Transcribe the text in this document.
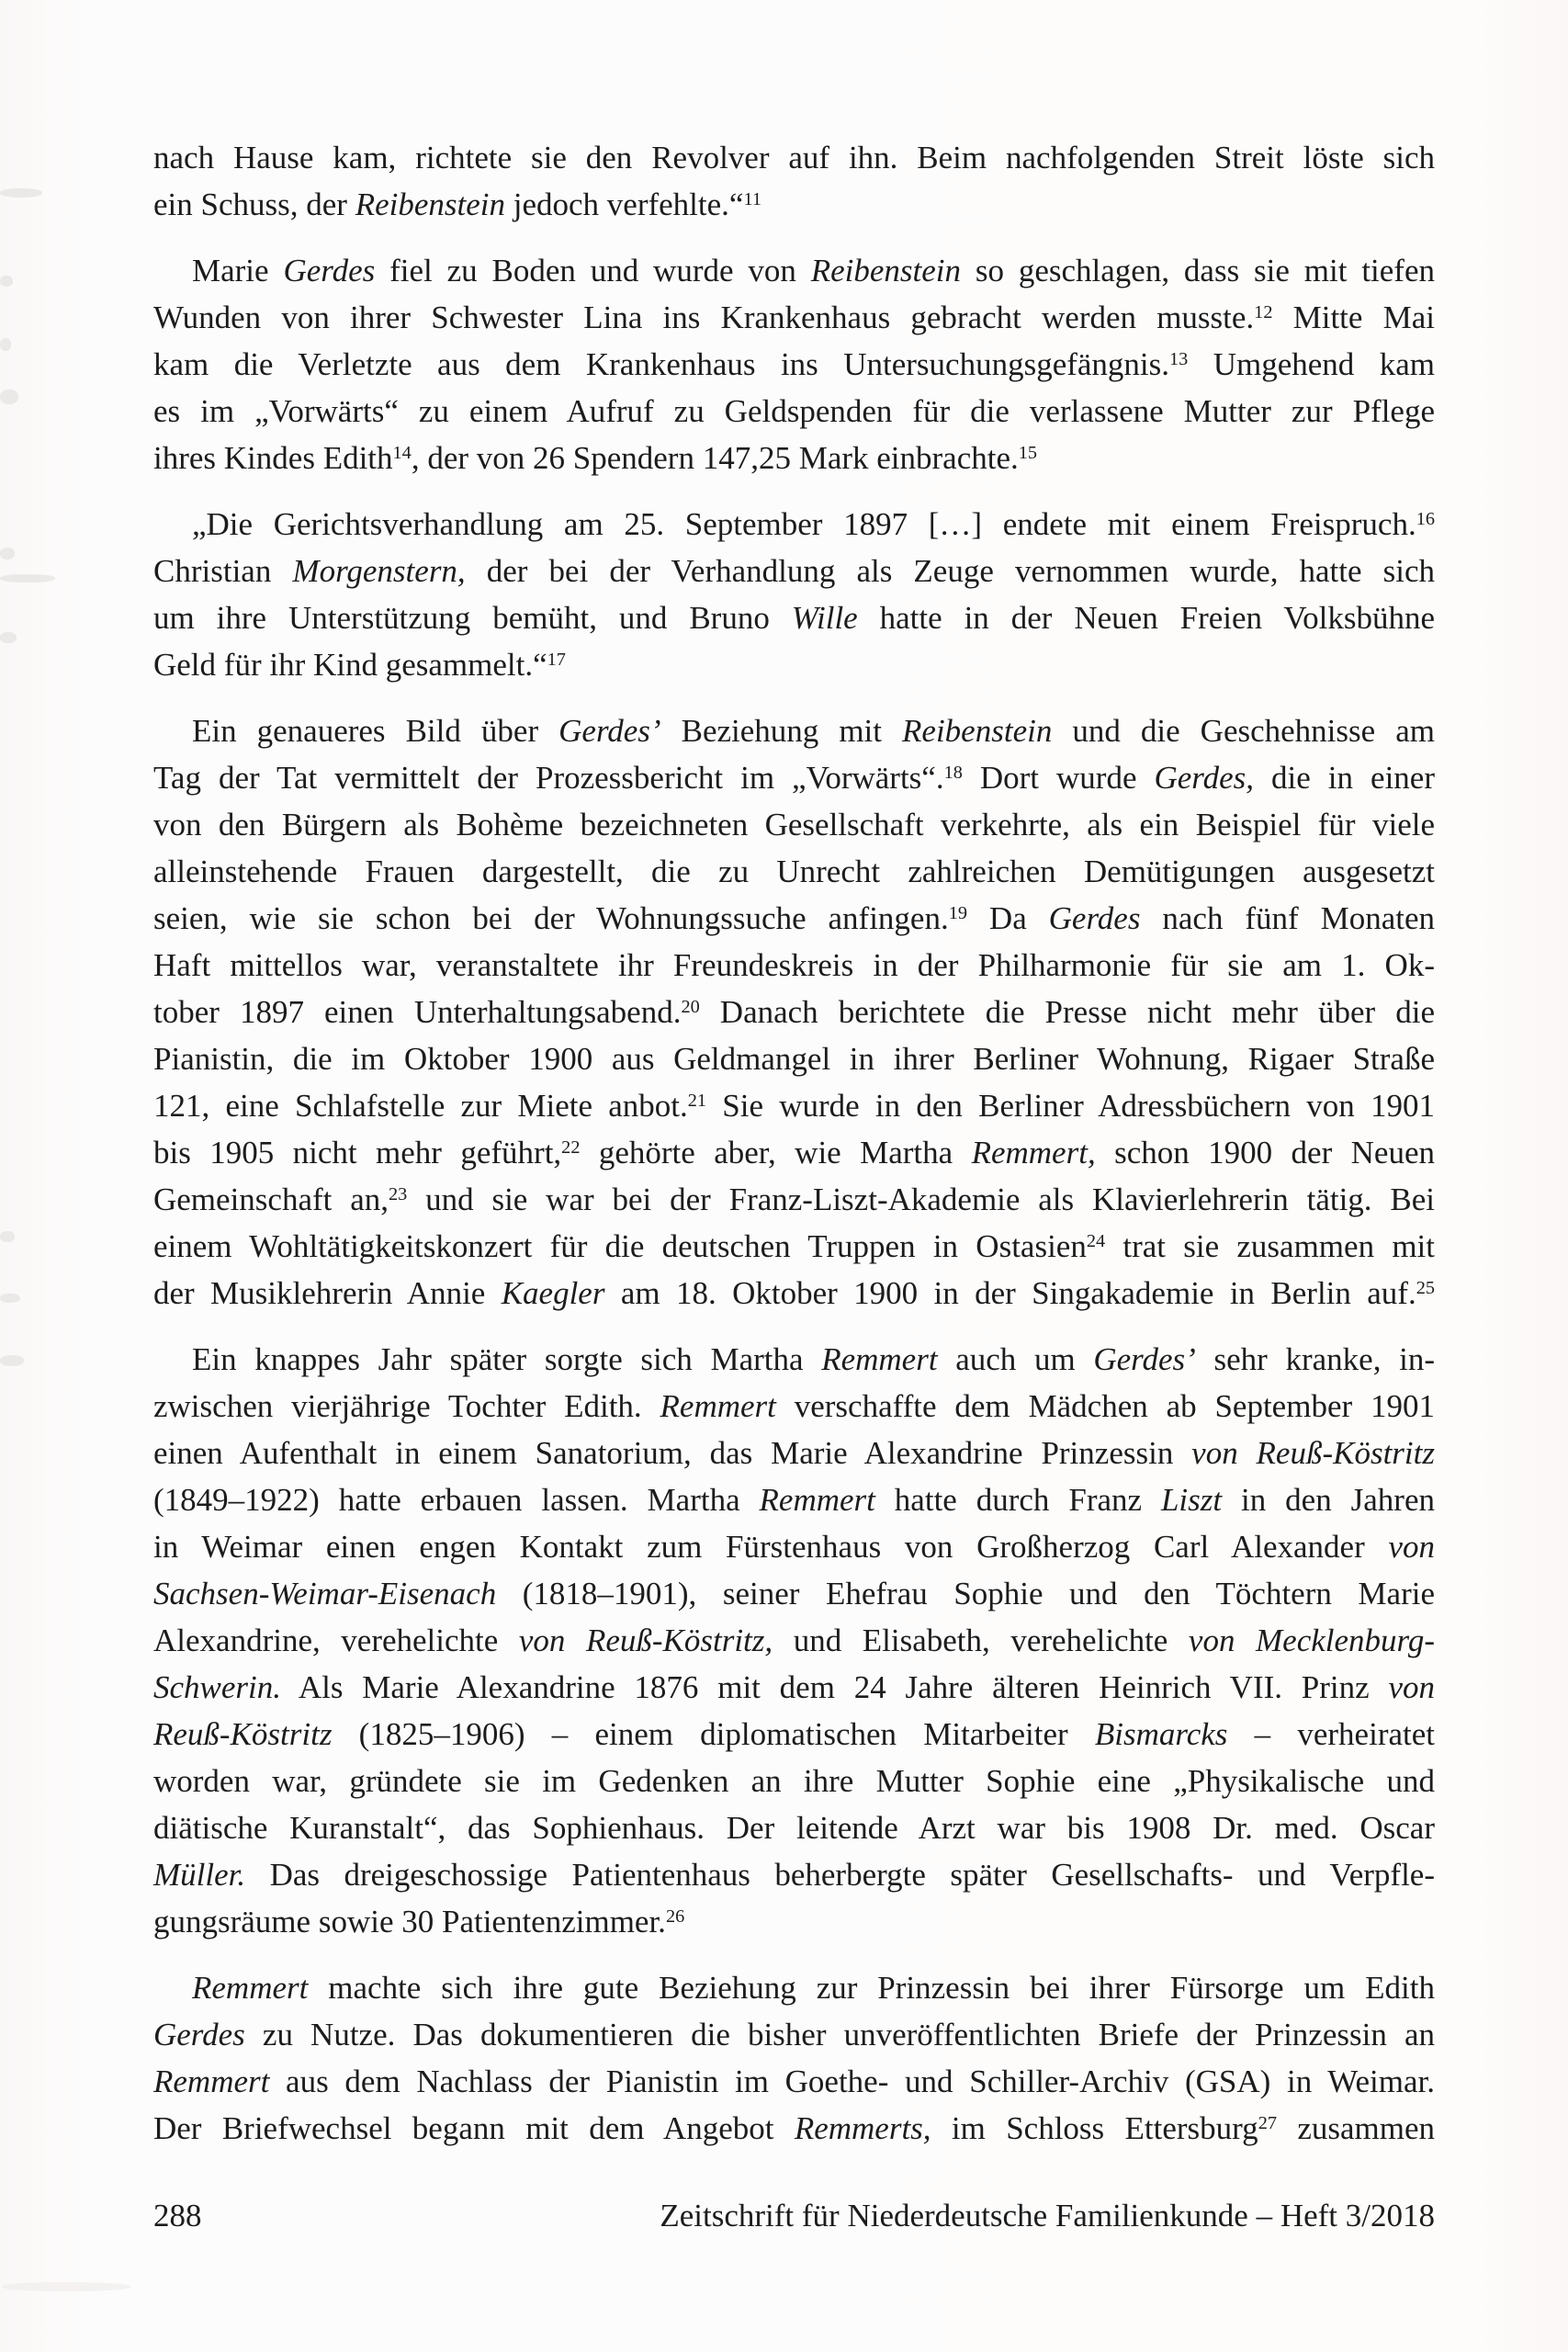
nach Hause kam, richtete sie den Revolver auf ihn. Beim nachfolgenden Streit löste sich
ein Schuss, der Reibenstein jedoch verfehlte.“$^{11}$
Marie Gerdes fiel zu Boden und wurde von Reibenstein so geschlagen, dass sie mit tiefen
Wunden von ihrer Schwester Lina ins Krankenhaus gebracht werden musste.$^{12}$ Mitte Mai
kam die Verletzte aus dem Krankenhaus ins Untersuchungsgefängnis.$^{13}$ Umgehend kam
es im „Vorwärts“ zu einem Aufruf zu Geldspenden für die verlassene Mutter zur Pflege
ihres Kindes Edith$^{14}$, der von 26 Spendern 147,25 Mark einbrachte.$^{15}$
„Die Gerichtsverhandlung am 25. September 1897 […] endete mit einem Freispruch.$^{16}$
Christian Morgenstern, der bei der Verhandlung als Zeuge vernommen wurde, hatte sich
um ihre Unterstützung bemüht, und Bruno Wille hatte in der Neuen Freien Volksbühne
Geld für ihr Kind gesammelt.“$^{17}$
Ein genaueres Bild über Gerdes’ Beziehung mit Reibenstein und die Geschehnisse am
Tag der Tat vermittelt der Prozessbericht im „Vorwärts“.$^{18}$ Dort wurde Gerdes, die in einer
von den Bürgern als Bohème bezeichneten Gesellschaft verkehrte, als ein Beispiel für viele
alleinstehende Frauen dargestellt, die zu Unrecht zahlreichen Demütigungen ausgesetzt
seien, wie sie schon bei der Wohnungssuche anfingen.$^{19}$ Da Gerdes nach fünf Monaten
Haft mittellos war, veranstaltete ihr Freundeskreis in der Philharmonie für sie am 1. Ok-
tober 1897 einen Unterhaltungsabend.$^{20}$ Danach berichtete die Presse nicht mehr über die
Pianistin, die im Oktober 1900 aus Geldmangel in ihrer Berliner Wohnung, Rigaer Straße
121, eine Schlafstelle zur Miete anbot.$^{21}$ Sie wurde in den Berliner Adressbüchern von 1901
bis 1905 nicht mehr geführt,$^{22}$ gehörte aber, wie Martha Remmert, schon 1900 der Neuen
Gemeinschaft an,$^{23}$ und sie war bei der Franz-Liszt-Akademie als Klavierlehrerin tätig. Bei
einem Wohltätigkeitskonzert für die deutschen Truppen in Ostasien$^{24}$ trat sie zusammen mit
der Musiklehrerin Annie Kaegler am 18. Oktober 1900 in der Singakademie in Berlin auf.$^{25}$
Ein knappes Jahr später sorgte sich Martha Remmert auch um Gerdes’ sehr kranke, in-
zwischen vierjährige Tochter Edith. Remmert verschaffte dem Mädchen ab September 1901
einen Aufenthalt in einem Sanatorium, das Marie Alexandrine Prinzessin von Reuß-Köstritz
(1849–1922) hatte erbauen lassen. Martha Remmert hatte durch Franz Liszt in den Jahren
in Weimar einen engen Kontakt zum Fürstenhaus von Großherzog Carl Alexander von
Sachsen-Weimar-Eisenach (1818–1901), seiner Ehefrau Sophie und den Töchtern Marie
Alexandrine, verehelichte von Reuß-Köstritz, und Elisabeth, verehelichte von Mecklenburg-
Schwerin. Als Marie Alexandrine 1876 mit dem 24 Jahre älteren Heinrich VII. Prinz von
Reuß-Köstritz (1825–1906) – einem diplomatischen Mitarbeiter Bismarcks – verheiratet
worden war, gründete sie im Gedenken an ihre Mutter Sophie eine „Physikalische und
diätische Kuranstalt“, das Sophienhaus. Der leitende Arzt war bis 1908 Dr. med. Oscar
Müller. Das dreigeschossige Patientenhaus beherbergte später Gesellschafts- und Verpfle-
gungsräume sowie 30 Patientenzimmer.$^{26}$
Remmert machte sich ihre gute Beziehung zur Prinzessin bei ihrer Fürsorge um Edith
Gerdes zu Nutze. Das dokumentieren die bisher unveröffentlichten Briefe der Prinzessin an
Remmert aus dem Nachlass der Pianistin im Goethe- und Schiller-Archiv (GSA) in Weimar.
Der Briefwechsel begann mit dem Angebot Remmerts, im Schloss Ettersburg$^{27}$ zusammen
288	Zeitschrift für Niederdeutsche Familienkunde – Heft 3/2018
